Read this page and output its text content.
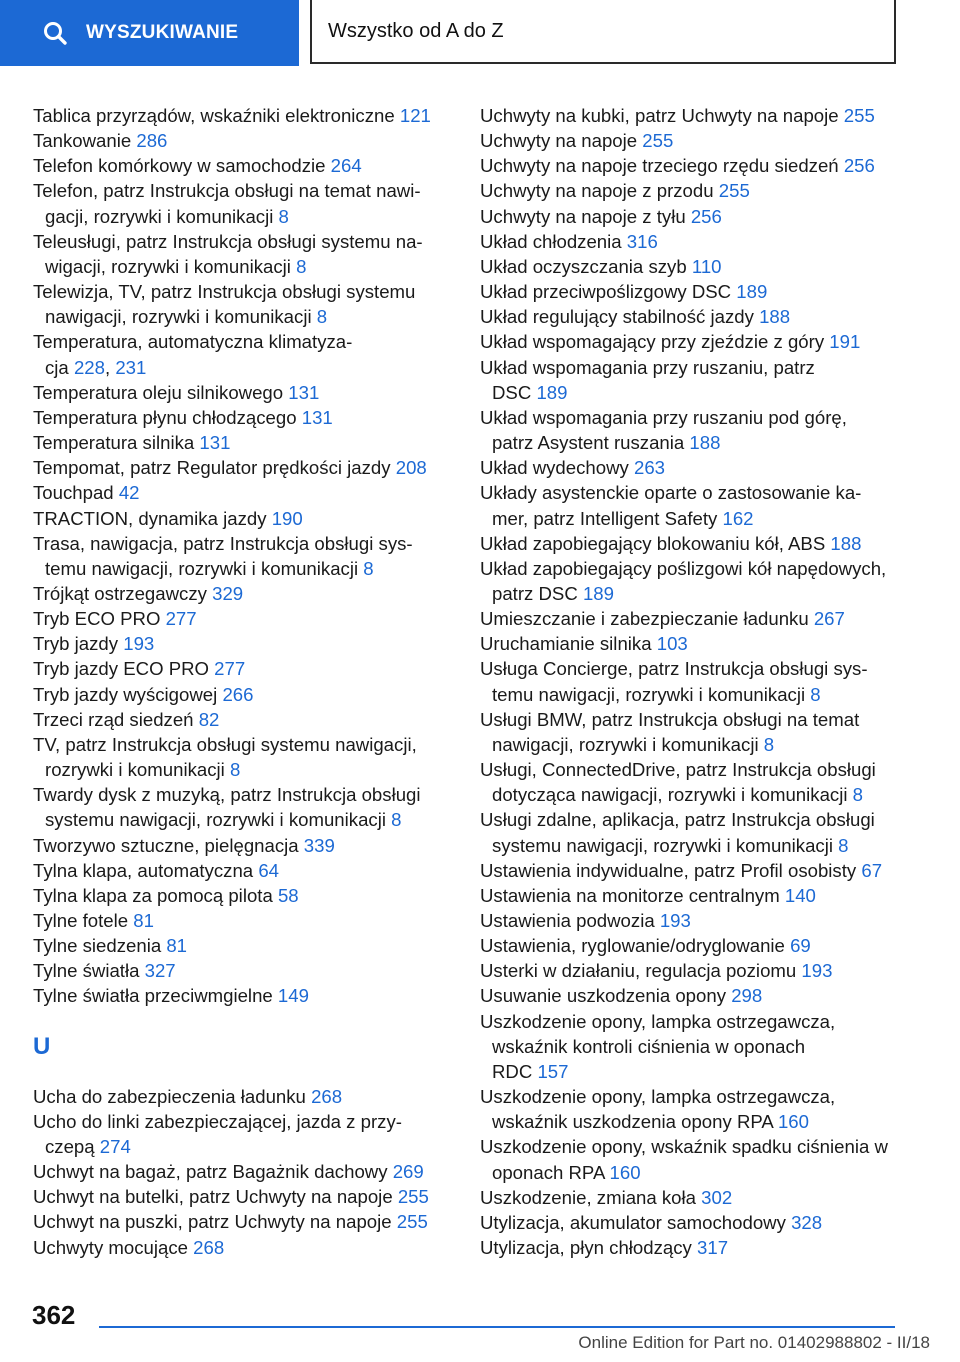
WYSZUKIWANIE	Wszystko od A do Z
Tablica przyrządów, wskaźniki elektroniczne 121
Tankowanie 286
Telefon komórkowy w samochodzie 264
Telefon, patrz Instrukcja obsługi na temat nawi-
gacji, rozrywki i komunikacji 8
Teleusługi, patrz Instrukcja obsługi systemu na-
wigacji, rozrywki i komunikacji 8
Telewizja, TV, patrz Instrukcja obsługi systemu
nawigacji, rozrywki i komunikacji 8
Temperatura, automatyczna klimatyza-
cja 228, 231
Temperatura oleju silnikowego 131
Temperatura płynu chłodzącego 131
Temperatura silnika 131
Tempomat, patrz Regulator prędkości jazdy 208
Touchpad 42
TRACTION, dynamika jazdy 190
Trasa, nawigacja, patrz Instrukcja obsługi sys-
temu nawigacji, rozrywki i komunikacji 8
Trójkąt ostrzegawczy 329
Tryb ECO PRO 277
Tryb jazdy 193
Tryb jazdy ECO PRO 277
Tryb jazdy wyścigowej 266
Trzeci rząd siedzeń 82
TV, patrz Instrukcja obsługi systemu nawigacji,
rozrywki i komunikacji 8
Twardy dysk z muzyką, patrz Instrukcja obsługi
systemu nawigacji, rozrywki i komunikacji 8
Tworzywo sztuczne, pielęgnacja 339
Tylna klapa, automatyczna 64
Tylna klapa za pomocą pilota 58
Tylne fotele 81
Tylne siedzenia 81
Tylne światła 327
Tylne światła przeciwmgielne 149
U
Ucha do zabezpieczenia ładunku 268
Ucho do linki zabezpieczającej, jazda z przy-
czepą 274
Uchwyt na bagaż, patrz Bagażnik dachowy 269
Uchwyt na butelki, patrz Uchwyty na napoje 255
Uchwyt na puszki, patrz Uchwyty na napoje 255
Uchwyty mocujące 268
Uchwyty na kubki, patrz Uchwyty na napoje 255
Uchwyty na napoje 255
Uchwyty na napoje trzeciego rzędu siedzeń 256
Uchwyty na napoje z przodu 255
Uchwyty na napoje z tyłu 256
Układ chłodzenia 316
Układ oczyszczania szyb 110
Układ przeciwpoślizgowy DSC 189
Układ regulujący stabilność jazdy 188
Układ wspomagający przy zjeździe z góry 191
Układ wspomagania przy ruszaniu, patrz
DSC 189
Układ wspomagania przy ruszaniu pod górę,
patrz Asystent ruszania 188
Układ wydechowy 263
Układy asystenckie oparte o zastosowanie ka-
mer, patrz Intelligent Safety 162
Układ zapobiegający blokowaniu kół, ABS 188
Układ zapobiegający poślizgowi kół napędowych,
patrz DSC 189
Umieszczanie i zabezpieczanie ładunku 267
Uruchamianie silnika 103
Usługa Concierge, patrz Instrukcja obsługi sys-
temu nawigacji, rozrywki i komunikacji 8
Usługi BMW, patrz Instrukcja obsługi na temat
nawigacji, rozrywki i komunikacji 8
Usługi, ConnectedDrive, patrz Instrukcja obsługi
dotycząca nawigacji, rozrywki i komunikacji 8
Usługi zdalne, aplikacja, patrz Instrukcja obsługi
systemu nawigacji, rozrywki i komunikacji 8
Ustawienia indywidualne, patrz Profil osobisty 67
Ustawienia na monitorze centralnym 140
Ustawienia podwozia 193
Ustawienia, ryglowanie/odryglowanie 69
Usterki w działaniu, regulacja poziomu 193
Usuwanie uszkodzenia opony 298
Uszkodzenie opony, lampka ostrzegawcza,
wskaźnik kontroli ciśnienia w oponach
RDC 157
Uszkodzenie opony, lampka ostrzegawcza,
wskaźnik uszkodzenia opony RPA 160
Uszkodzenie opony, wskaźnik spadku ciśnienia w
oponach RPA 160
Uszkodzenie, zmiana koła 302
Utylizacja, akumulator samochodowy 328
Utylizacja, płyn chłodzący 317
362
Online Edition for Part no. 01402988802 - II/18
